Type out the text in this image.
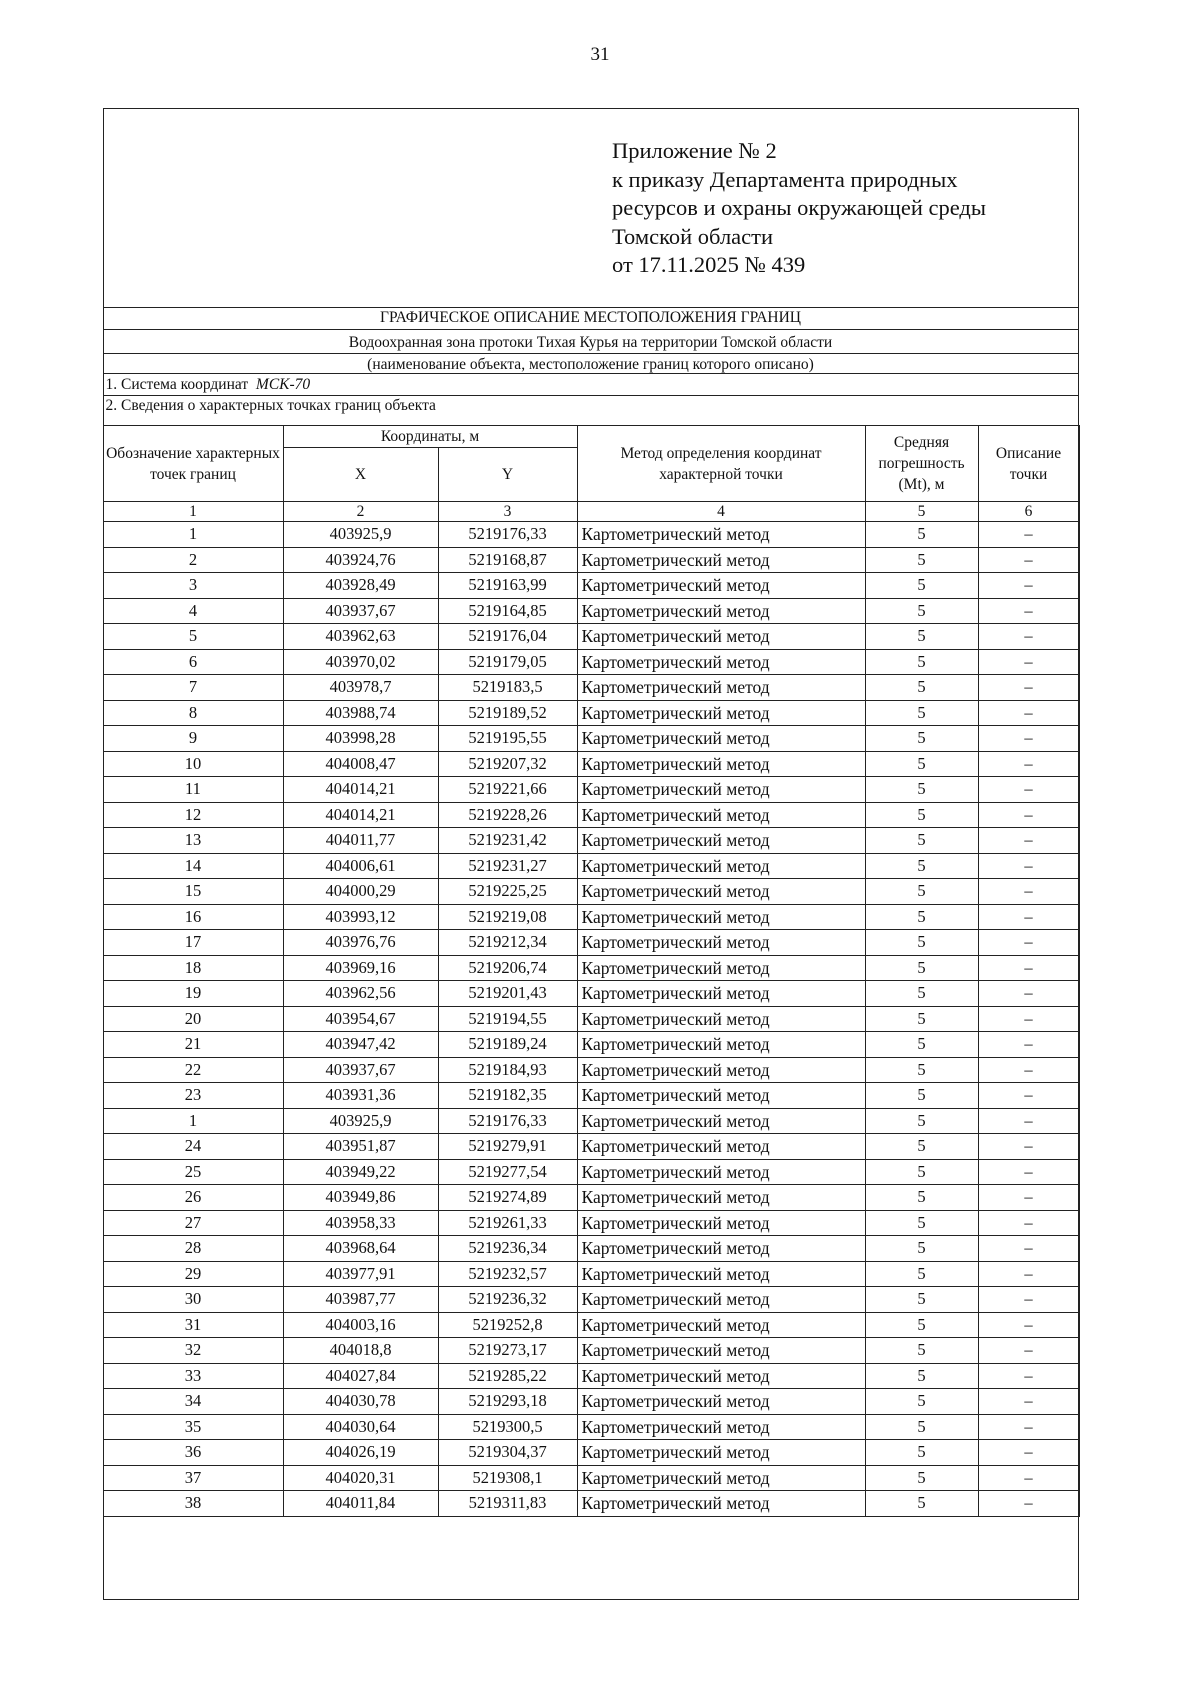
31
Приложение № 2
к приказу Департамента природных
ресурсов и охраны окружающей среды
Томской области
от 17.11.2025 № 439
ГРАФИЧЕСКОЕ ОПИСАНИЕ МЕСТОПОЛОЖЕНИЯ ГРАНИЦ
Водоохранная зона протоки Тихая Курья на территории Томской области
(наименование объекта, местоположение границ которого описано)
1. Система координат МСК-70
2. Сведения о характерных точках границ объекта
Обозначение характерных точек границ	Координаты, м		Метод определения координат характерной точки	Средняя погрешность (Mt), м	Описание точки
	X	Y			
1	2	3	4	5	6
1	403925,9	5219176,33	Картометрический метод	5	–
2	403924,76	5219168,87	Картометрический метод	5	–
3	403928,49	5219163,99	Картометрический метод	5	–
4	403937,67	5219164,85	Картометрический метод	5	–
5	403962,63	5219176,04	Картометрический метод	5	–
6	403970,02	5219179,05	Картометрический метод	5	–
7	403978,7	5219183,5	Картометрический метод	5	–
8	403988,74	5219189,52	Картометрический метод	5	–
9	403998,28	5219195,55	Картометрический метод	5	–
10	404008,47	5219207,32	Картометрический метод	5	–
11	404014,21	5219221,66	Картометрический метод	5	–
12	404014,21	5219228,26	Картометрический метод	5	–
13	404011,77	5219231,42	Картометрический метод	5	–
14	404006,61	5219231,27	Картометрический метод	5	–
15	404000,29	5219225,25	Картометрический метод	5	–
16	403993,12	5219219,08	Картометрический метод	5	–
17	403976,76	5219212,34	Картометрический метод	5	–
18	403969,16	5219206,74	Картометрический метод	5	–
19	403962,56	5219201,43	Картометрический метод	5	–
20	403954,67	5219194,55	Картометрический метод	5	–
21	403947,42	5219189,24	Картометрический метод	5	–
22	403937,67	5219184,93	Картометрический метод	5	–
23	403931,36	5219182,35	Картометрический метод	5	–
1	403925,9	5219176,33	Картометрический метод	5	–
24	403951,87	5219279,91	Картометрический метод	5	–
25	403949,22	5219277,54	Картометрический метод	5	–
26	403949,86	5219274,89	Картометрический метод	5	–
27	403958,33	5219261,33	Картометрический метод	5	–
28	403968,64	5219236,34	Картометрический метод	5	–
29	403977,91	5219232,57	Картометрический метод	5	–
30	403987,77	5219236,32	Картометрический метод	5	–
31	404003,16	5219252,8	Картометрический метод	5	–
32	404018,8	5219273,17	Картометрический метод	5	–
33	404027,84	5219285,22	Картометрический метод	5	–
34	404030,78	5219293,18	Картометрический метод	5	–
35	404030,64	5219300,5	Картометрический метод	5	–
36	404026,19	5219304,37	Картометрический метод	5	–
37	404020,31	5219308,1	Картометрический метод	5	–
38	404011,84	5219311,83	Картометрический метод	5	–
